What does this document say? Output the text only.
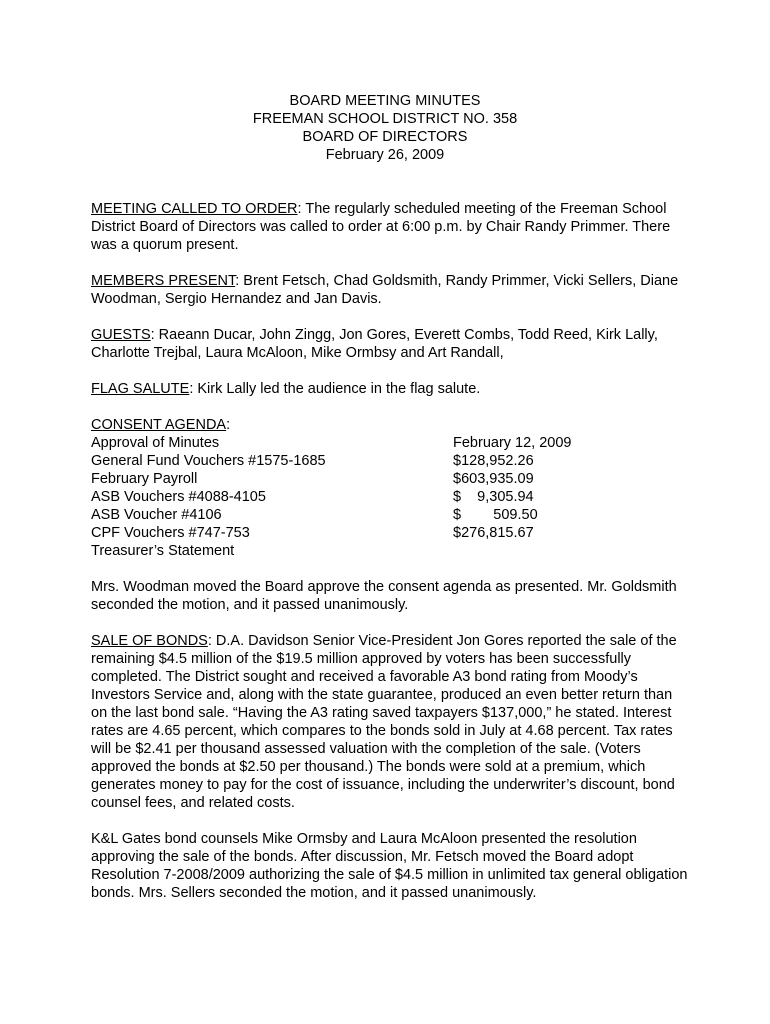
BOARD MEETING MINUTES
FREEMAN SCHOOL DISTRICT NO. 358
BOARD OF DIRECTORS
February 26, 2009

MEETING CALLED TO ORDER: The regularly scheduled meeting of the Freeman School District Board of Directors was called to order at 6:00 p.m. by Chair Randy Primmer. There was a quorum present.

MEMBERS PRESENT: Brent Fetsch, Chad Goldsmith, Randy Primmer, Vicki Sellers, Diane Woodman, Sergio Hernandez and Jan Davis.

GUESTS: Raeann Ducar, John Zingg, Jon Gores, Everett Combs, Todd Reed, Kirk Lally, Charlotte Trejbal, Laura McAloon, Mike Ormbsy and Art Randall,

FLAG SALUTE: Kirk Lally led the audience in the flag salute.

CONSENT AGENDA:
Approval of Minutes	February 12, 2009
General Fund Vouchers #1575-1685	$128,952.26
February Payroll	$603,935.09
ASB Vouchers #4088-4105	$    9,305.94
ASB Voucher #4106	$        509.50
CPF Vouchers #747-753	$276,815.67
Treasurer’s Statement

Mrs. Woodman moved the Board approve the consent agenda as presented. Mr. Goldsmith seconded the motion, and it passed unanimously.

SALE OF BONDS: D.A. Davidson Senior Vice-President Jon Gores reported the sale of the remaining $4.5 million of the $19.5 million approved by voters has been successfully completed. The District sought and received a favorable A3 bond rating from Moody’s Investors Service and, along with the state guarantee, produced an even better return than on the last bond sale. “Having the A3 rating saved taxpayers $137,000,” he stated. Interest rates are 4.65 percent, which compares to the bonds sold in July at 4.68 percent. Tax rates will be $2.41 per thousand assessed valuation with the completion of the sale. (Voters approved the bonds at $2.50 per thousand.) The bonds were sold at a premium, which generates money to pay for the cost of issuance, including the underwriter’s discount, bond counsel fees, and related costs.

K&L Gates bond counsels Mike Ormsby and Laura McAloon presented the resolution approving the sale of the bonds. After discussion, Mr. Fetsch moved the Board adopt Resolution 7-2008/2009 authorizing the sale of $4.5 million in unlimited tax general obligation bonds. Mrs. Sellers seconded the motion, and it passed unanimously.
